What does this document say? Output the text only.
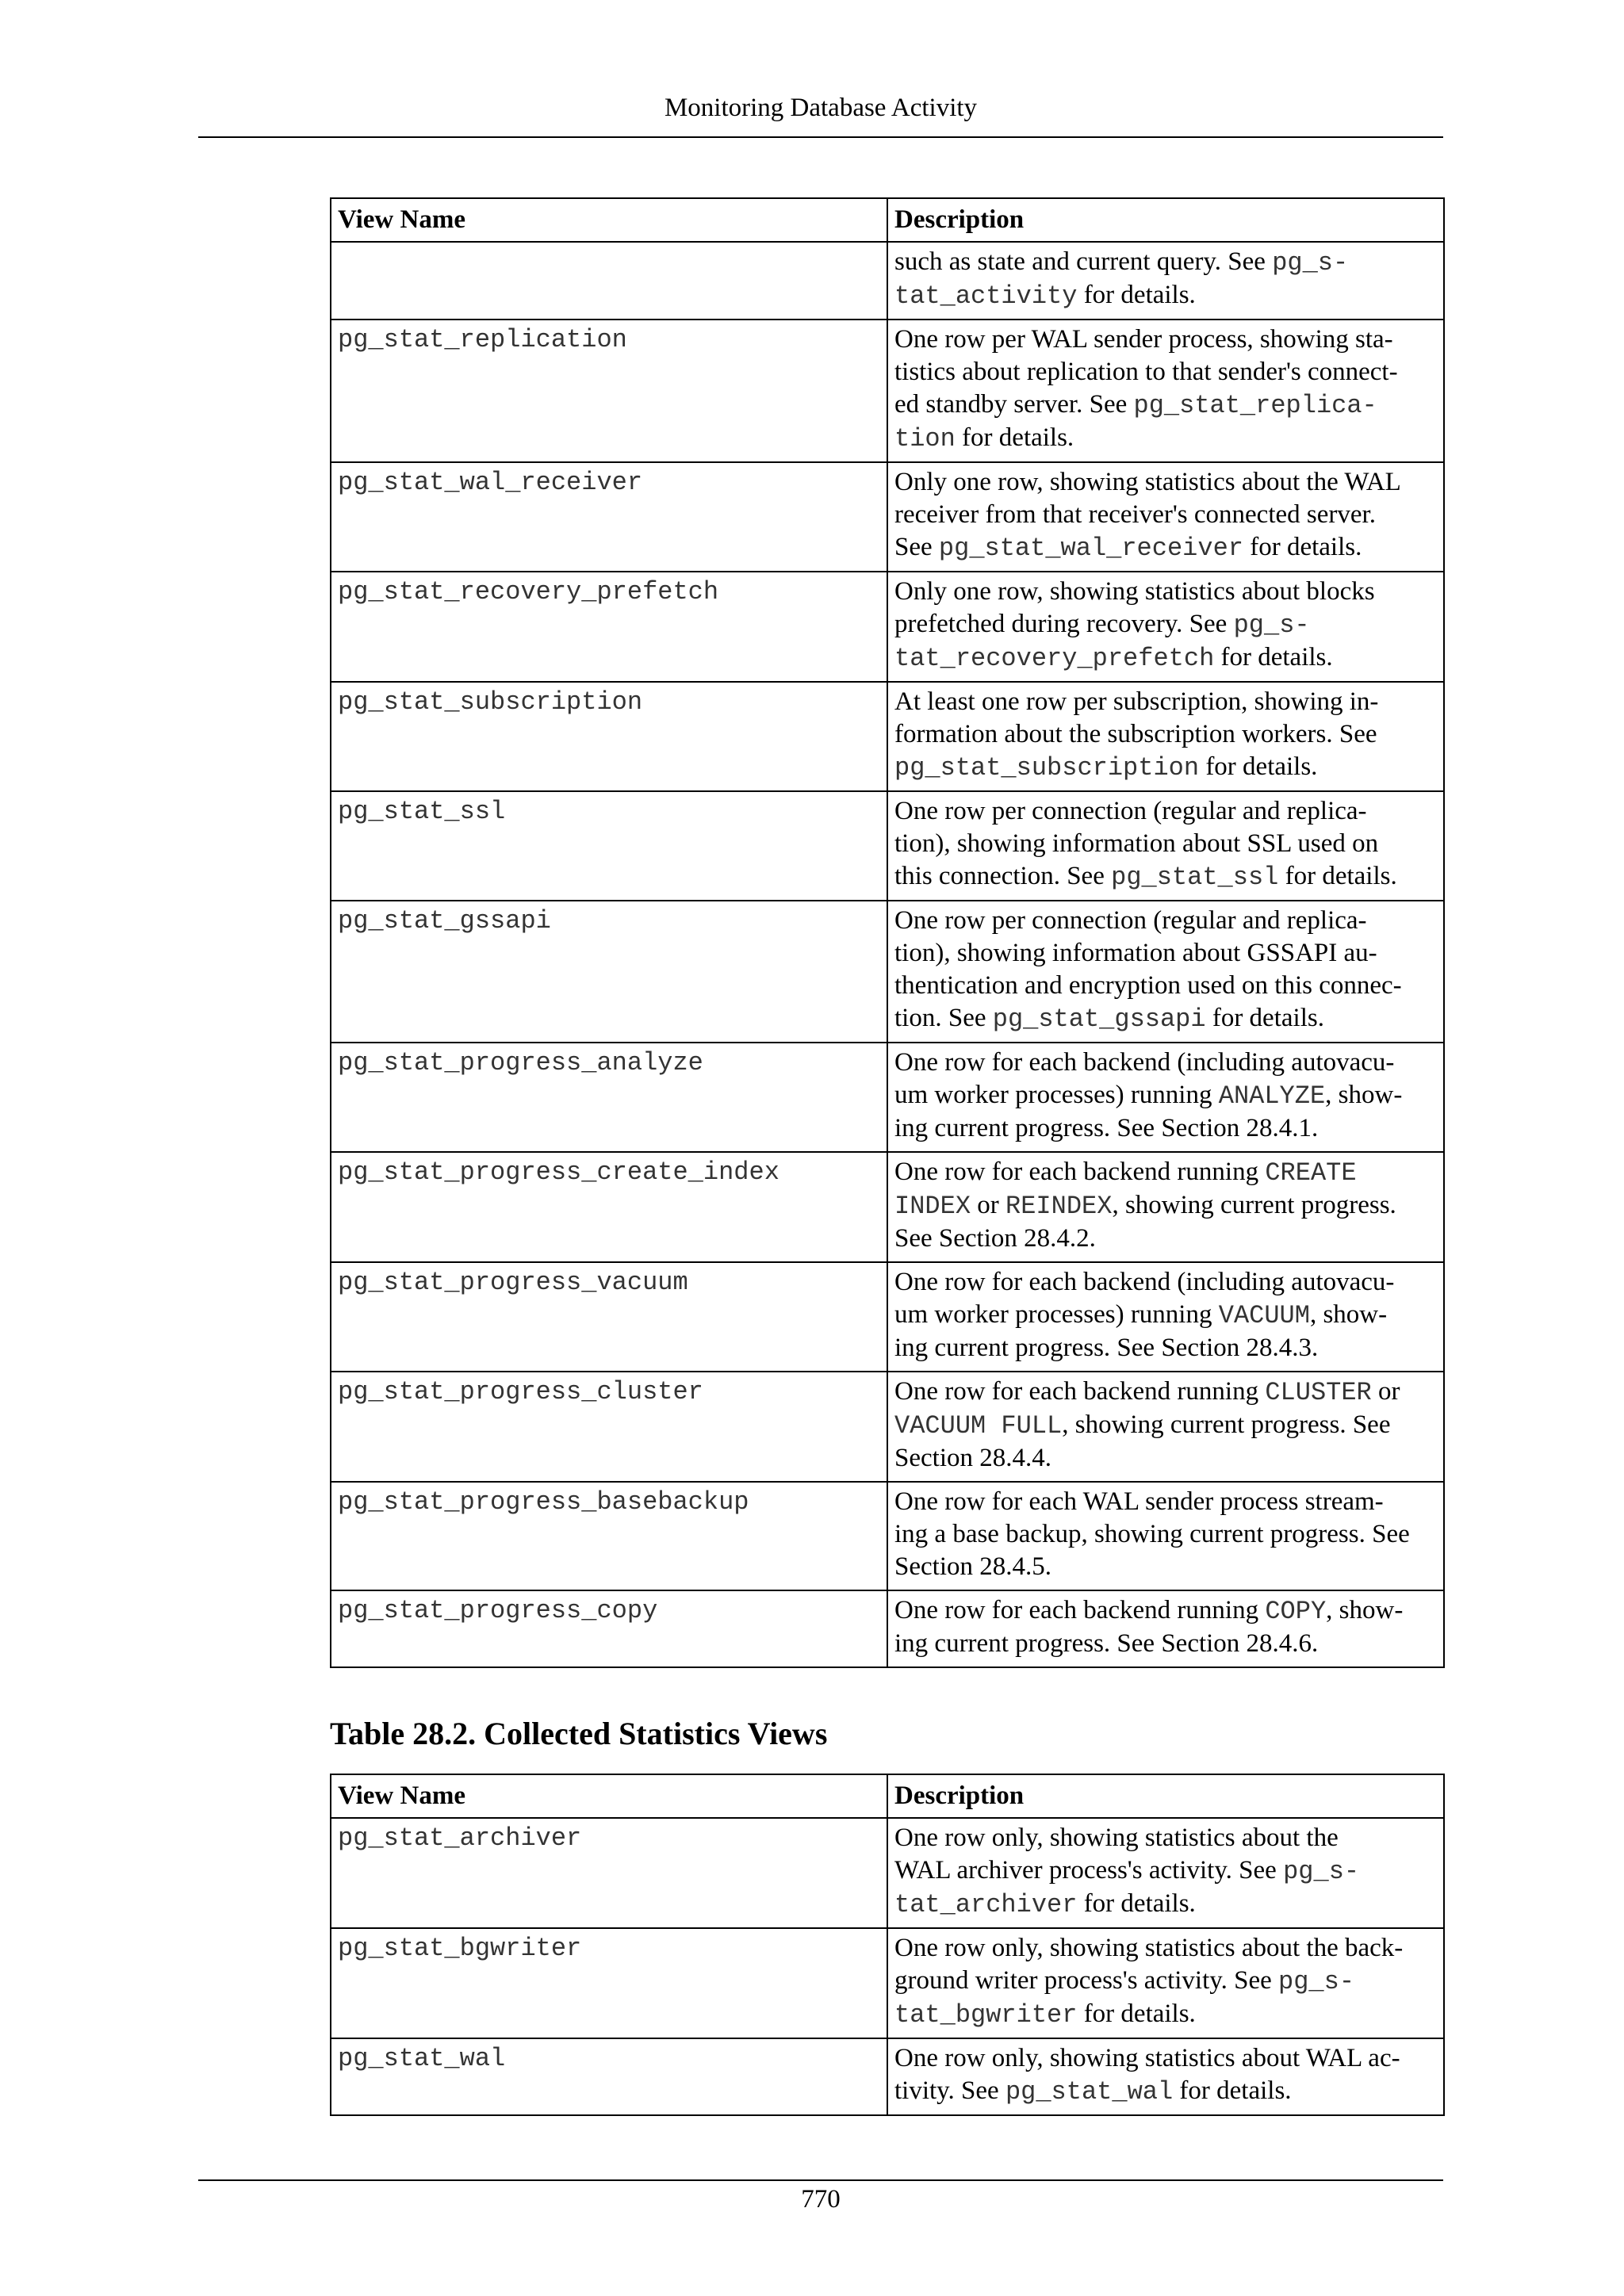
Monitoring Database Activity
View Name	Description
	such as state and current query. See pg_s-
tat_activity for details.
pg_stat_replication	One row per WAL sender process, showing sta-
tistics about replication to that sender's connect-
ed standby server. See pg_stat_replica-
tion for details.
pg_stat_wal_receiver	Only one row, showing statistics about the WAL
receiver from that receiver's connected server.
See pg_stat_wal_receiver for details.
pg_stat_recovery_prefetch	Only one row, showing statistics about blocks
prefetched during recovery. See pg_s-
tat_recovery_prefetch for details.
pg_stat_subscription	At least one row per subscription, showing in-
formation about the subscription workers. See
pg_stat_subscription for details.
pg_stat_ssl	One row per connection (regular and replica-
tion), showing information about SSL used on
this connection. See pg_stat_ssl for details.
pg_stat_gssapi	One row per connection (regular and replica-
tion), showing information about GSSAPI au-
thentication and encryption used on this connec-
tion. See pg_stat_gssapi for details.
pg_stat_progress_analyze	One row for each backend (including autovacu-
um worker processes) running ANALYZE, show-
ing current progress. See Section 28.4.1.
pg_stat_progress_create_index	One row for each backend running CREATE
INDEX or REINDEX, showing current progress.
See Section 28.4.2.
pg_stat_progress_vacuum	One row for each backend (including autovacu-
um worker processes) running VACUUM, show-
ing current progress. See Section 28.4.3.
pg_stat_progress_cluster	One row for each backend running CLUSTER or
VACUUM FULL, showing current progress. See
Section 28.4.4.
pg_stat_progress_basebackup	One row for each WAL sender process stream-
ing a base backup, showing current progress. See
Section 28.4.5.
pg_stat_progress_copy	One row for each backend running COPY, show-
ing current progress. See Section 28.4.6.
Table 28.2. Collected Statistics Views
View Name	Description
pg_stat_archiver	One row only, showing statistics about the
WAL archiver process's activity. See pg_s-
tat_archiver for details.
pg_stat_bgwriter	One row only, showing statistics about the back-
ground writer process's activity. See pg_s-
tat_bgwriter for details.
pg_stat_wal	One row only, showing statistics about WAL ac-
tivity. See pg_stat_wal for details.
770
